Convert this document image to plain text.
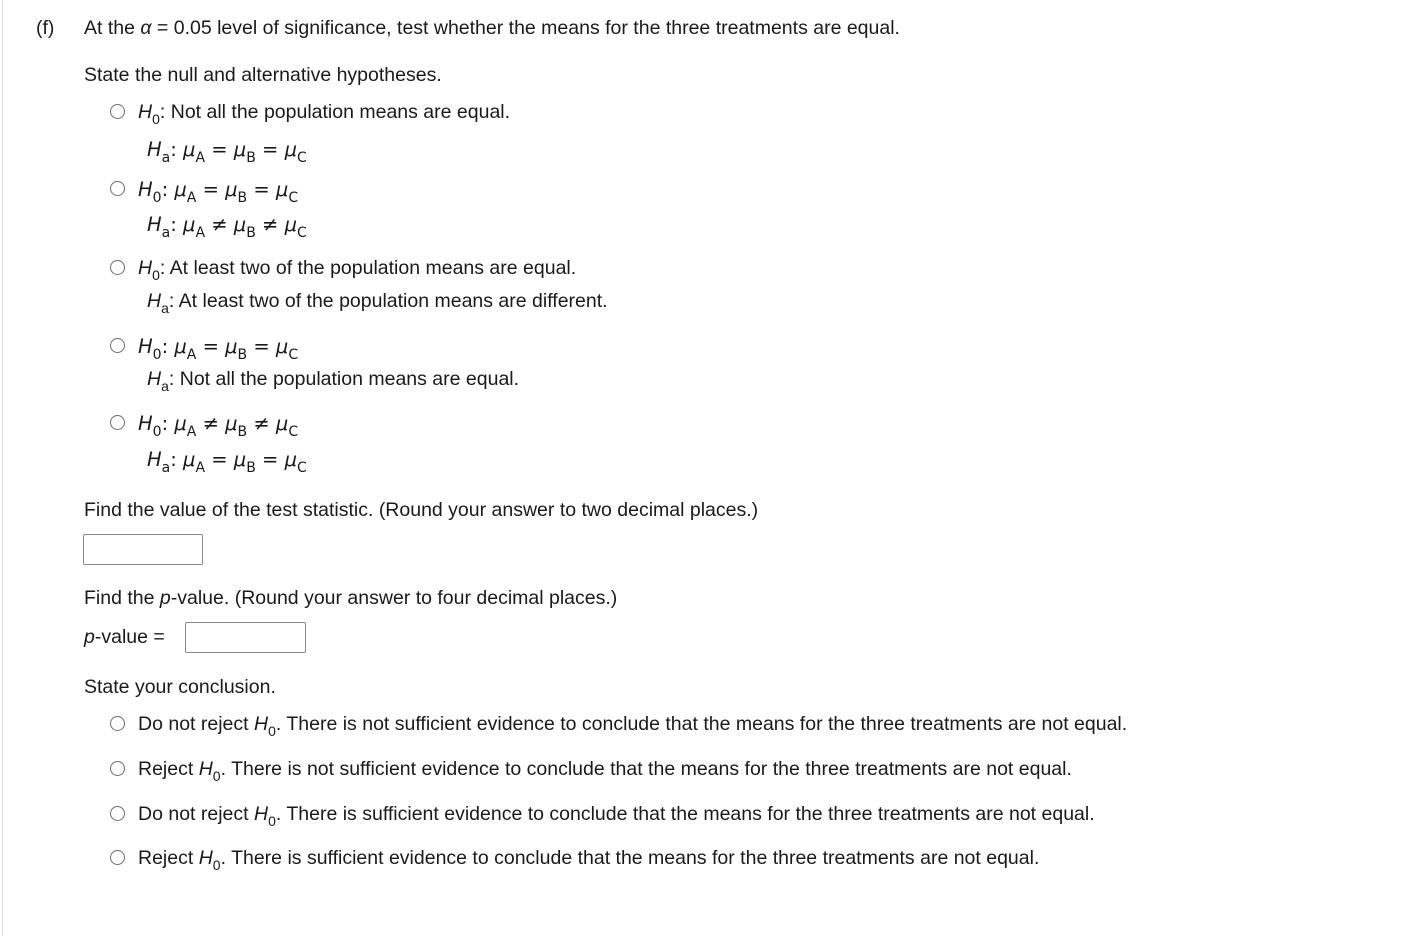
(f) At the α = 0.05 level of significance, test whether the means for the three treatments are equal.
State the null and alternative hypotheses.
$H_0$: Not all the population means are equal.
$H_a$: $\mu_A = \mu_B = \mu_C$
$H_0$: $\mu_A = \mu_B = \mu_C$
$H_a$: $\mu_A \ne \mu_B \ne \mu_C$
$H_0$: At least two of the population means are equal.
$H_a$: At least two of the population means are different.
$H_0$: $\mu_A = \mu_B = \mu_C$
$H_a$: Not all the population means are equal.
$H_0$: $\mu_A \ne \mu_B \ne \mu_C$
$H_a$: $\mu_A = \mu_B = \mu_C$
Find the value of the test statistic. (Round your answer to two decimal places.)
Find the p-value. (Round your answer to four decimal places.)
p-value =
State your conclusion.
Do not reject $H_0$. There is not sufficient evidence to conclude that the means for the three treatments are not equal.
Reject $H_0$. There is not sufficient evidence to conclude that the means for the three treatments are not equal.
Do not reject $H_0$. There is sufficient evidence to conclude that the means for the three treatments are not equal.
Reject $H_0$. There is sufficient evidence to conclude that the means for the three treatments are not equal.
